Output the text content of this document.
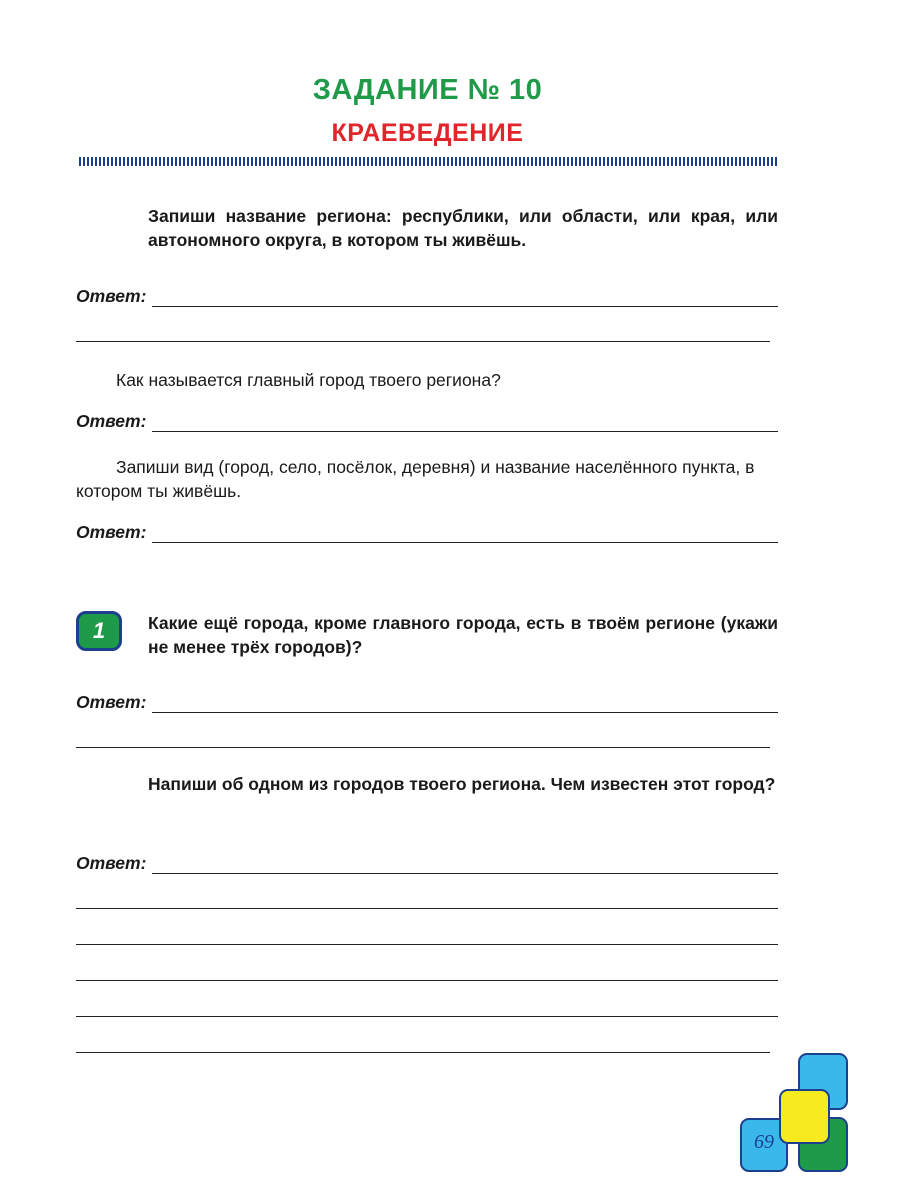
ЗАДАНИЕ № 10
КРАЕВЕДЕНИЕ

Запиши название региона: республики, или области, или края, или автономного округа, в котором ты живёшь.

Ответ:

Как называется главный город твоего региона?

Ответ:

Запиши вид (город, село, посёлок, деревня) и название населённого пункта, в котором ты живёшь.

Ответ:
1	Какие ещё города, кроме главного города, есть в твоём регионе (укажи не менее трёх городов)?

Ответ:

Напиши об одном из городов твоего региона. Чем известен этот город?

Ответ:
69
